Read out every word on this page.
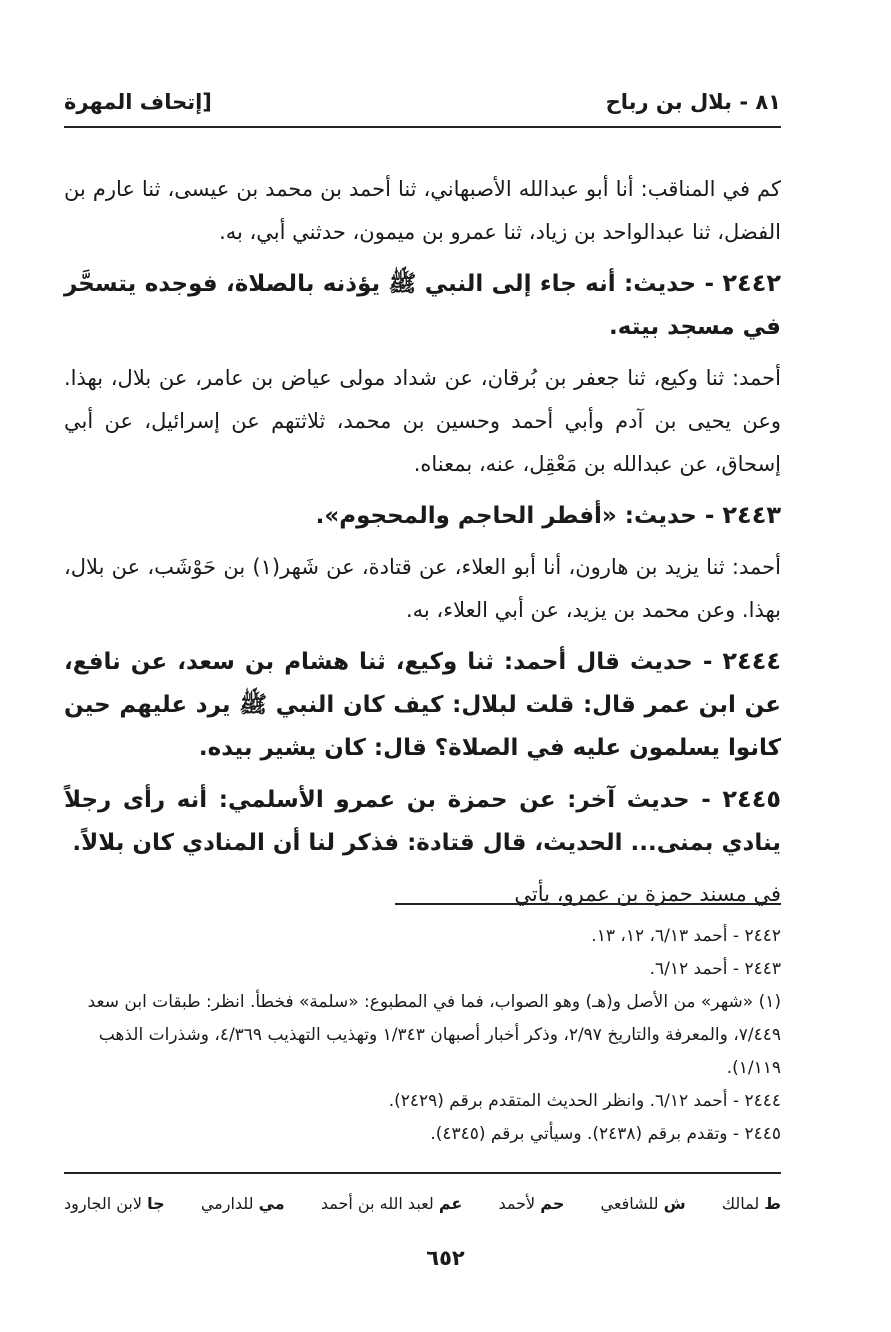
٨١ - بلال بن رباح
[إتحاف المهرة

كم في المناقب: أنا أبو عبدالله الأصبهاني، ثنا أحمد بن محمد بن عيسى، ثنا عارم بن الفضل، ثنا عبدالواحد بن زياد، ثنا عمرو بن ميمون، حدثني أبي، به.

٢٤٤٢ - حديث: أنه جاء إلى النبي ﷺ يؤذنه بالصلاة، فوجده يتسحَّر في مسجد بيته.

أحمد: ثنا وكيع، ثنا جعفر بن بُرقان، عن شداد مولى عياض بن عامر، عن بلال، بهذا. وعن يحيى بن آدم وأبي أحمد وحسين بن محمد، ثلاثتهم عن إسرائيل، عن أبي إسحاق، عن عبدالله بن مَعْقِل، عنه، بمعناه.

٢٤٤٣ - حديث: «أفطر الحاجم والمحجوم».

أحمد: ثنا يزيد بن هارون، أنا أبو العلاء، عن قتادة، عن شَهر(١) بن حَوْشَب، عن بلال، بهذا. وعن محمد بن يزيد، عن أبي العلاء، به.

٢٤٤٤ - حديث قال أحمد: ثنا وكيع، ثنا هشام بن سعد، عن نافع، عن ابن عمر قال: قلت لبلال: كيف كان النبي ﷺ يرد عليهم حين كانوا يسلمون عليه في الصلاة؟ قال: كان يشير بيده.

٢٤٤٥ - حديث آخر: عن حمزة بن عمرو الأسلمي: أنه رأى رجلاً ينادي بمنى... الحديث، قال قتادة: فذكر لنا أن المنادي كان بلالاً.

في مسند حمزة بن عمرو، يأتي

٢٤٤٢ - أحمد ٦/١٣، ١٢، ١٣.

٢٤٤٣ - أحمد ٦/١٢.

(١) «شهر» من الأصل و(هـ) وهو الصواب، فما في المطبوع: «سلمة» فخطأ. انظر: طبقات ابن سعد ٧/٤٤٩، والمعرفة والتاريخ ٢/٩٧، وذكر أخبار أصبهان ١/٣٤٣ وتهذيب التهذيب ٤/٣٦٩، وشذرات الذهب ١/١١٩).

٢٤٤٤ - أحمد ٦/١٢. وانظر الحديث المتقدم برقم (٢٤٢٩).

٢٤٤٥ - وتقدم برقم (٢٤٣٨). وسيأتي برقم (٤٣٤٥).

ط لمالك
ش للشافعي
حم لأحمد
عم لعبد الله بن أحمد
مي للدارمي
جا لابن الجارود
٦٥٢
